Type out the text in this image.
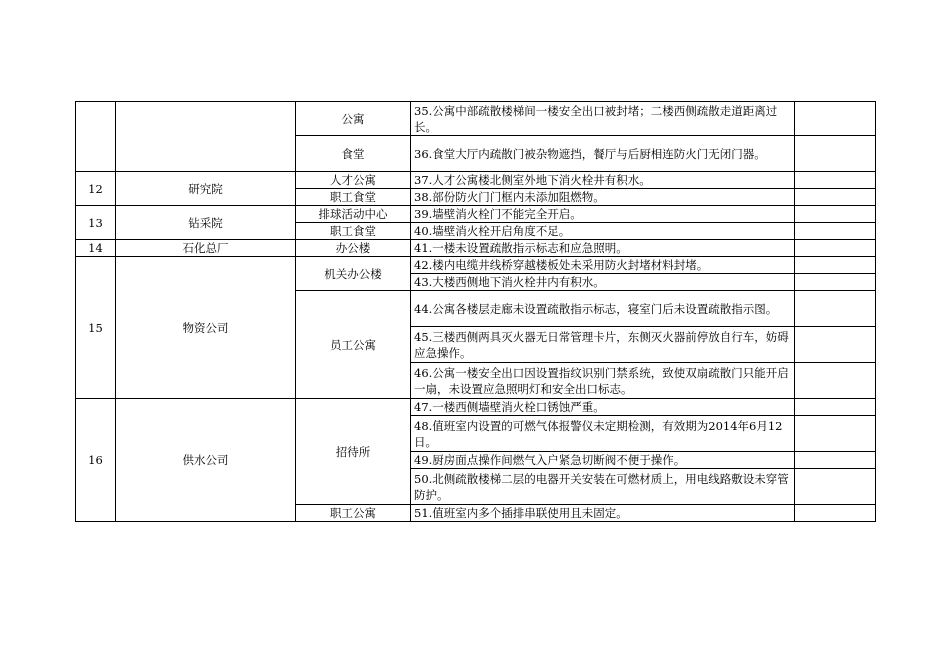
		公寓	35.公寓中部疏散楼梯间一楼安全出口被封堵；二楼西侧疏散走道距离过长。	
		食堂	36.食堂大厅内疏散门被杂物遮挡，餐厅与后厨相连防火门无闭门器。	
12	研究院	人才公寓	37.人才公寓楼北侧室外地下消火栓井有积水。	
		职工食堂	38.部份防火门门框内未添加阻燃物。	
13	钻采院	排球活动中心	39.墙壁消火栓门不能完全开启。	
		职工食堂	40.墙壁消火栓开启角度不足。	
14	石化总厂	办公楼	41.一楼未设置疏散指示标志和应急照明。	
15	物资公司	机关办公楼	42.楼内电缆井线桥穿越楼板处未采用防火封堵材料封堵。	
			43.大楼西侧地下消火栓井内有积水。	
		员工公寓	44.公寓各楼层走廊未设置疏散指示标志，寝室门后未设置疏散指示图。	
			45.三楼西侧两具灭火器无日常管理卡片，东侧灭火器前停放自行车，妨碍应急操作。	
			46.公寓一楼安全出口因设置指纹识别门禁系统，致使双扇疏散门只能开启一扇，未设置应急照明灯和安全出口标志。	
16	供水公司	招待所	47.一楼西侧墙壁消火栓口锈蚀严重。	
			48.值班室内设置的可燃气体报警仪未定期检测，有效期为2014年6月12日。	
			49.厨房面点操作间燃气入户紧急切断阀不便于操作。	
			50.北侧疏散楼梯二层的电器开关安装在可燃材质上，用电线路敷设未穿管防护。	
		职工公寓	51.值班室内多个插排串联使用且未固定。	
